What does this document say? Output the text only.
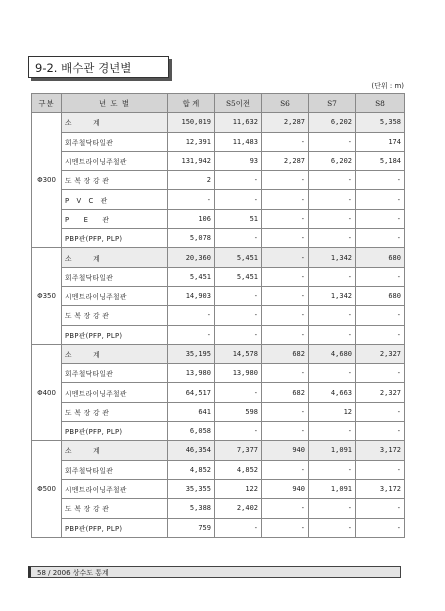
9-2. 배수관 경년별
(단위 : m)
구분	년 도 별	합 계	S5이전	S6	S7	S8
Φ300	소　　　계	150,019	11,632	2,287	6,202	5,358
	회주철닥타일관	12,391	11,483	-	-	174
	시멘트라이닝주철관	131,942	93	2,287	6,202	5,184
	도 복 장 강 관	2	-	-	-	-
	P　V　C　관	-	-	-	-	-
	P　　E　　관	106	51	-	-	-
	PBP관(PFP, PLP)	5,078	-	-	-	-
Φ350	소　　　계	20,360	5,451	-	1,342	680
	회주철닥타일관	5,451	5,451	-	-	-
	시멘트라이닝주철관	14,903	-	-	1,342	680
	도 복 장 강 관	-	-	-	-	-
	PBP관(PFP, PLP)	-	-	-	-	-
Φ400	소　　　계	35,195	14,578	682	4,680	2,327
	회주철닥타일관	13,980	13,980	-	-	-
	시멘트라이닝주철관	64,517	-	682	4,663	2,327
	도 복 장 강 관	641	598	-	12	-
	PBP관(PFP, PLP)	6,058	-	-	-	-
Φ500	소　　　계	46,354	7,377	940	1,091	3,172
	회주철닥타일관	4,852	4,852	-	-	-
	시멘트라이닝주철관	35,355	122	940	1,091	3,172
	도 복 장 강 관	5,388	2,402	-	-	-
	PBP관(PFP, PLP)	759	-	-	-	-
58 / 2006 상수도 통계
